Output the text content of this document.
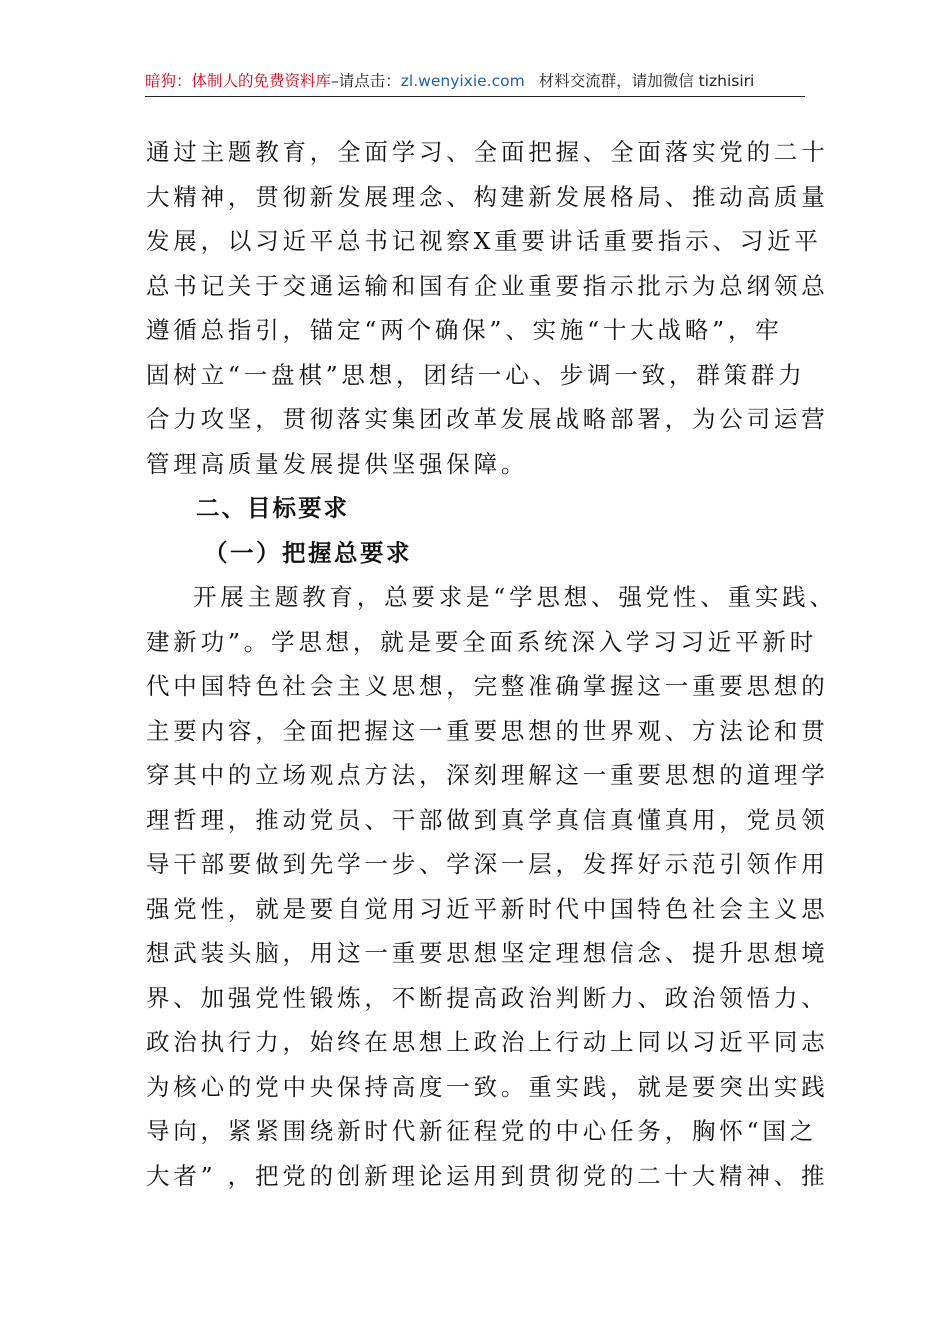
暗狗：体制人的免费资料库–请点击：zl.wenyixie.com 材料交流群，请加微信 tizhisiri
通过主题教育，全面学习、全面把握、全面落实党的二十
大精神，贯彻新发展理念、构建新发展格局、推动高质量
发展，以习近平总书记视察X重要讲话重要指示、习近平
总书记关于交通运输和国有企业重要指示批示为总纲领总
遵循总指引，锚定“两个确保”、实施“十大战略”，牢
固树立“一盘棋”思想，团结一心、步调一致，群策群力
合力攻坚，贯彻落实集团改革发展战略部署，为公司运营
管理高质量发展提供坚强保障。
二、目标要求
（一）把握总要求
开展主题教育，总要求是“学思想、强党性、重实践、
建新功”。学思想，就是要全面系统深入学习习近平新时
代中国特色社会主义思想，完整准确掌握这一重要思想的
主要内容，全面把握这一重要思想的世界观、方法论和贯
穿其中的立场观点方法，深刻理解这一重要思想的道理学
理哲理，推动党员、干部做到真学真信真懂真用，党员领
导干部要做到先学一步、学深一层，发挥好示范引领作用
强党性，就是要自觉用习近平新时代中国特色社会主义思
想武装头脑，用这一重要思想坚定理想信念、提升思想境
界、加强党性锻炼，不断提高政治判断力、政治领悟力、
政治执行力，始终在思想上政治上行动上同以习近平同志
为核心的党中央保持高度一致。重实践，就是要突出实践
导向，紧紧围绕新时代新征程党的中心任务，胸怀“国之
大者” ，把党的创新理论运用到贯彻党的二十大精神、推
